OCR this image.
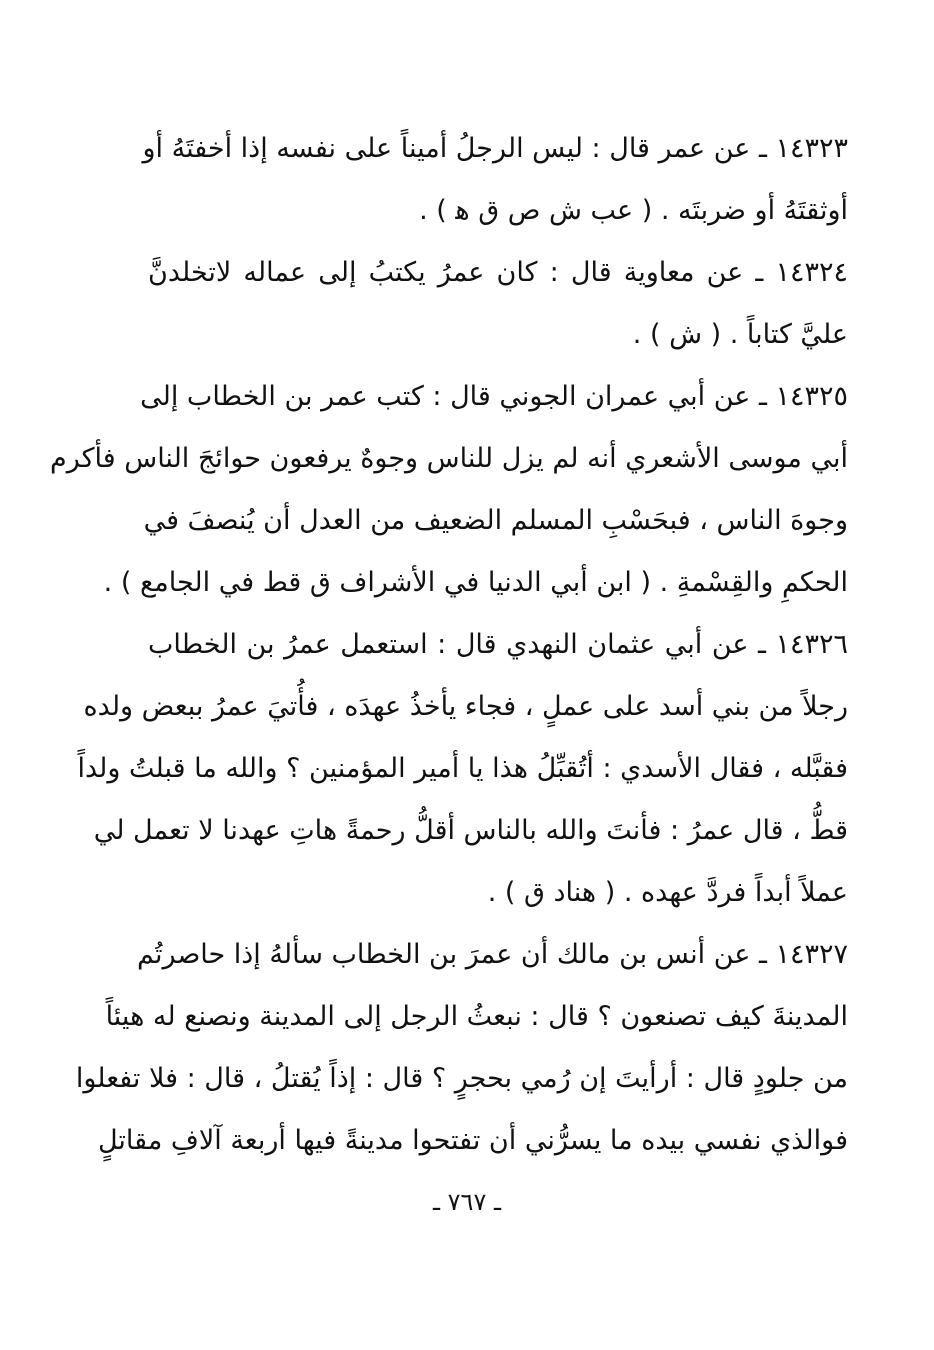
١٤٣٢٣ ـ عن عمر قال : ليس الرجلُ أميناً على نفسه إذا أخفتَهُ أو
أوثقتَهُ أو ضربتَه . ( عب ش ص ق ﻫ ) .
١٤٣٢٤ ـ عن معاوية قال : كان عمرُ يكتبُ إلى عماله لاتخلدنَّ
عليَّ كتاباً . ( ش ) .
١٤٣٢٥ ـ عن أبي عمران الجوني قال : كتب عمر بن الخطاب إلى
أبي موسى الأشعري أنه لم يزل للناس وجوهٌ يرفعون حوائجَ الناس فأكرم
وجوهَ الناس ، فبحَسْبِ المسلم الضعيف من العدل أن يُنصفَ في
الحكمِ والقِسْمةِ . ( ابن أبي الدنيا في الأشراف ق قط في الجامع ) .
١٤٣٢٦ ـ عن أبي عثمان النهدي قال : استعمل عمرُ بن الخطاب
رجلاً من بني أسد على عملٍ ، فجاء يأخذُ عهدَه ، فأُتيَ عمرُ ببعض ولده
فقبَّله ، فقال الأسدي : أتُقبِّلُ هذا يا أمير المؤمنين ؟ والله ما قبلتُ ولداً
قطُّ ، قال عمرُ : فأنتَ والله بالناس أقلُّ رحمةً هاتِ عهدنا لا تعمل لي
عملاً أبداً فردَّ عهده . ( هناد ق ) .
١٤٣٢٧ ـ عن أنس بن مالك أن عمرَ بن الخطاب سألهُ إذا حاصرتُم
المدينةَ كيف تصنعون ؟ قال : نبعثُ الرجل إلى المدينة ونصنع له هيئاً
من جلودٍ قال : أرأيتَ إن رُمي بحجرٍ ؟ قال : إذاً يُقتلُ ، قال : فلا تفعلوا
فوالذي نفسي بيده ما يسرُّني أن تفتحوا مدينةً فيها أربعة آلافِ مقاتلٍ
ـ ٧٦٧ ـ
